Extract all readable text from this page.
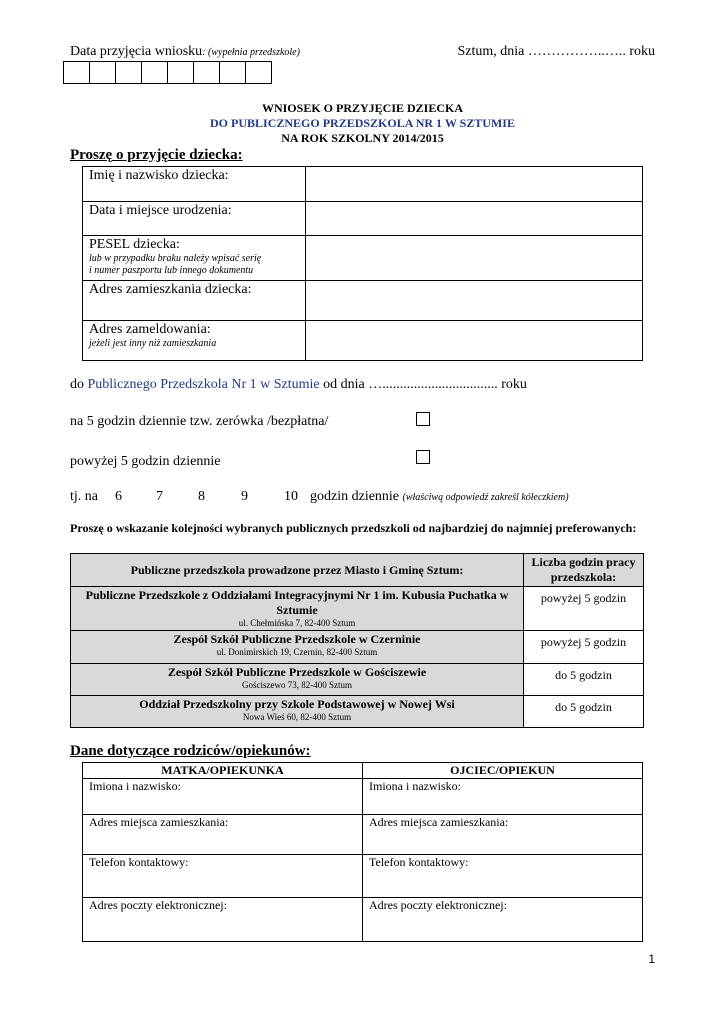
Data przyjęcia wniosku: (wypełnia przedszkole)	Sztum, dnia ……………..….. roku
WNIOSEK O PRZYJĘCIE DZIECKA
DO PUBLICZNEGO PRZEDSZKOLA NR 1 W SZTUMIE
NA ROK SZKOLNY 2014/2015
Proszę o przyjęcie dziecka:
Imię i nazwisko dziecka:	
Data i miejsce urodzenia:	
PESEL dziecka:
lub w przypadku braku należy wpisać serię
i numer paszportu lub innego dokumentu	

Adres zamieszkania dziecka:	
Adres zameldowania:
jeżeli jest inny niż zamieszkania	

do Publicznego Przedszkola Nr 1 w Sztumie od dnia …................................. roku
na 5 godzin dziennie tzw. zerówka /bezpłatna/
powyżej 5 godzin dziennie
tj. na 6 7	8	9	10 godzin dziennie (właściwą odpowiedź zakreśl kółeczkiem)
Proszę o wskazanie kolejności wybranych publicznych przedszkoli od najbardziej do najmniej preferowanych:
Publiczne przedszkola prowadzone przez Miasto i Gminę Sztum:	Liczba godzin pracy przedszkola:
Publiczne Przedszkole z Oddziałami Integracyjnymi Nr 1 im. Kubusia Puchatka w Sztumie
ul. Chełmińska 7, 82-400 Sztum	powyżej 5 godzin
Zespół Szkół Publiczne Przedszkole w Czerninie
ul. Donimirskich 19, Czernin, 82-400 Sztum	powyżej 5 godzin
Zespół Szkół Publiczne Przedszkole w Gościszewie
Gościszewo 73, 82-400 Sztum	do 5 godzin
Oddział Przedszkolny przy Szkole Podstawowej w Nowej Wsi
Nowa Wieś 60, 82-400 Sztum	do 5 godzin
Dane dotyczące rodziców/opiekunów:
MATKA/OPIEKUNKA	OJCIEC/OPIEKUN
Imiona i nazwisko:	Imiona i nazwisko:
Adres miejsca zamieszkania:	Adres miejsca zamieszkania:
Telefon kontaktowy:	Telefon kontaktowy:
Adres poczty elektronicznej:	Adres poczty elektronicznej:
1
